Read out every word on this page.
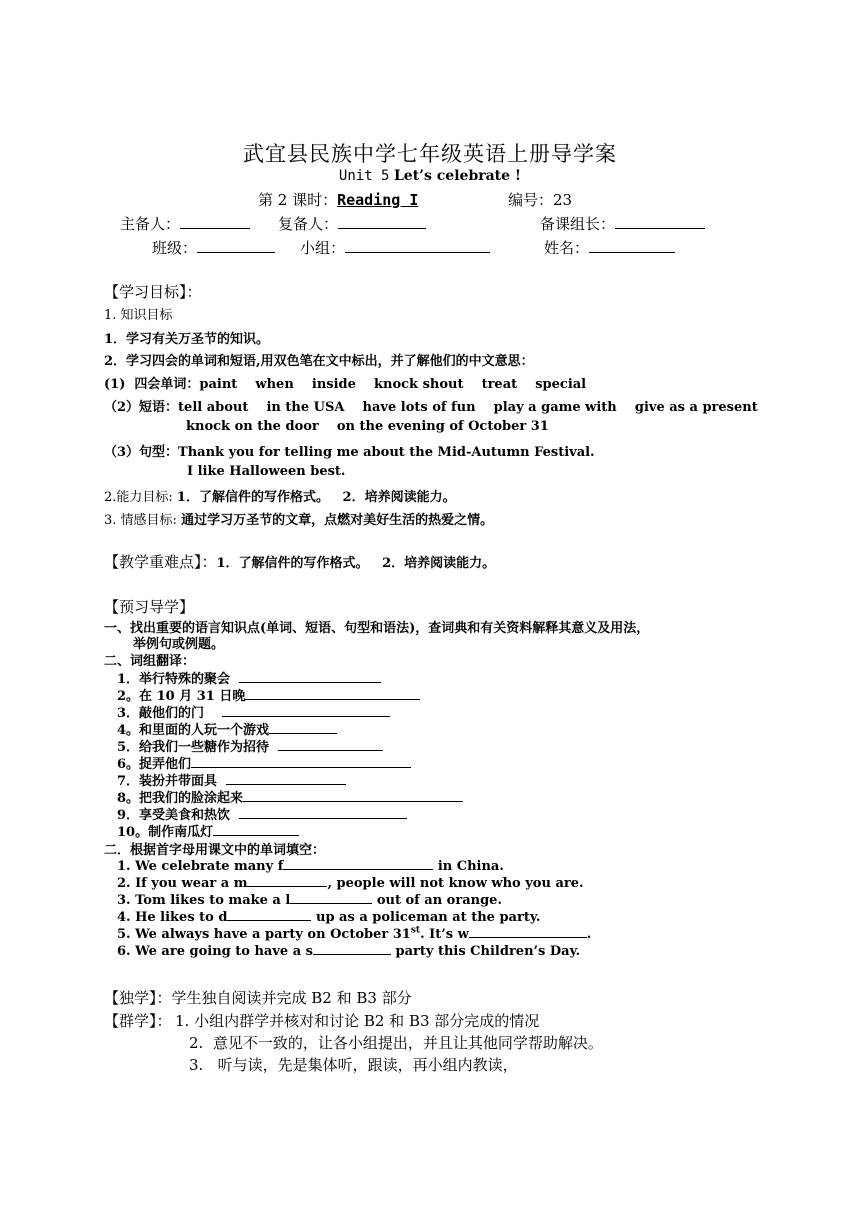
武宜县民族中学七年级英语上册导学案
Unit 5 Let’s celebrate !
第 2 课时：Reading I	编号：23
主备人：	复备人：	备课组长：
班级：	小组：	姓名：
【学习目标】：
1. 知识目标
1．学习有关万圣节的知识。
2．学习四会的单词和短语,用双色笔在文中标出，并了解他们的中文意思：
(1)  四会单词：paint    when    inside    knock shout    treat    special
（2）短语：tell about    in the USA    have lots of fun    play a game with    give as a present
knock on the door    on the evening of October 31
（3）句型：Thank you for telling me about the Mid-Autumn Festival.
I like Halloween best.
2.能力目标: 1．了解信件的写作格式。   2．培养阅读能力。
3. 情感目标: 通过学习万圣节的文章，点燃对美好生活的热爱之情。
【教学重难点】：1．了解信件的写作格式。   2．培养阅读能力。
【预习导学】
一、找出重要的语言知识点(单词、短语、句型和语法)，查词典和有关资料解释其意义及用法，
举例句或例题。
二、词组翻译：
1．举行特殊的聚会
2。在 10 月 31 日晚
3．敲他们的门
4。和里面的人玩一个游戏
5．给我们一些糖作为招待
6。捉弄他们
7．装扮并带面具
8。把我们的脸涂起来
9．享受美食和热饮
10。制作南瓜灯
二．根据首字母用课文中的单词填空：
1. We celebrate many f	in China.
2. If you wear a m	, people will not know who you are.
3. Tom likes to make a l	out of an orange.
4. He likes to d	up as a policeman at the party.
5. We always have a party on October 31st. It’s w	.
6. We are going to have a s	party this Children’s Day.
【独学】：学生独自阅读并完成 B2 和 B3 部分
【群学】： 1. 小组内群学并核对和讨论 B2 和 B3 部分完成的情况
2.  意见不一致的，让各小组提出，并且让其他同学帮助解决。
3.   听与读，先是集体听，跟读，再小组内教读，
